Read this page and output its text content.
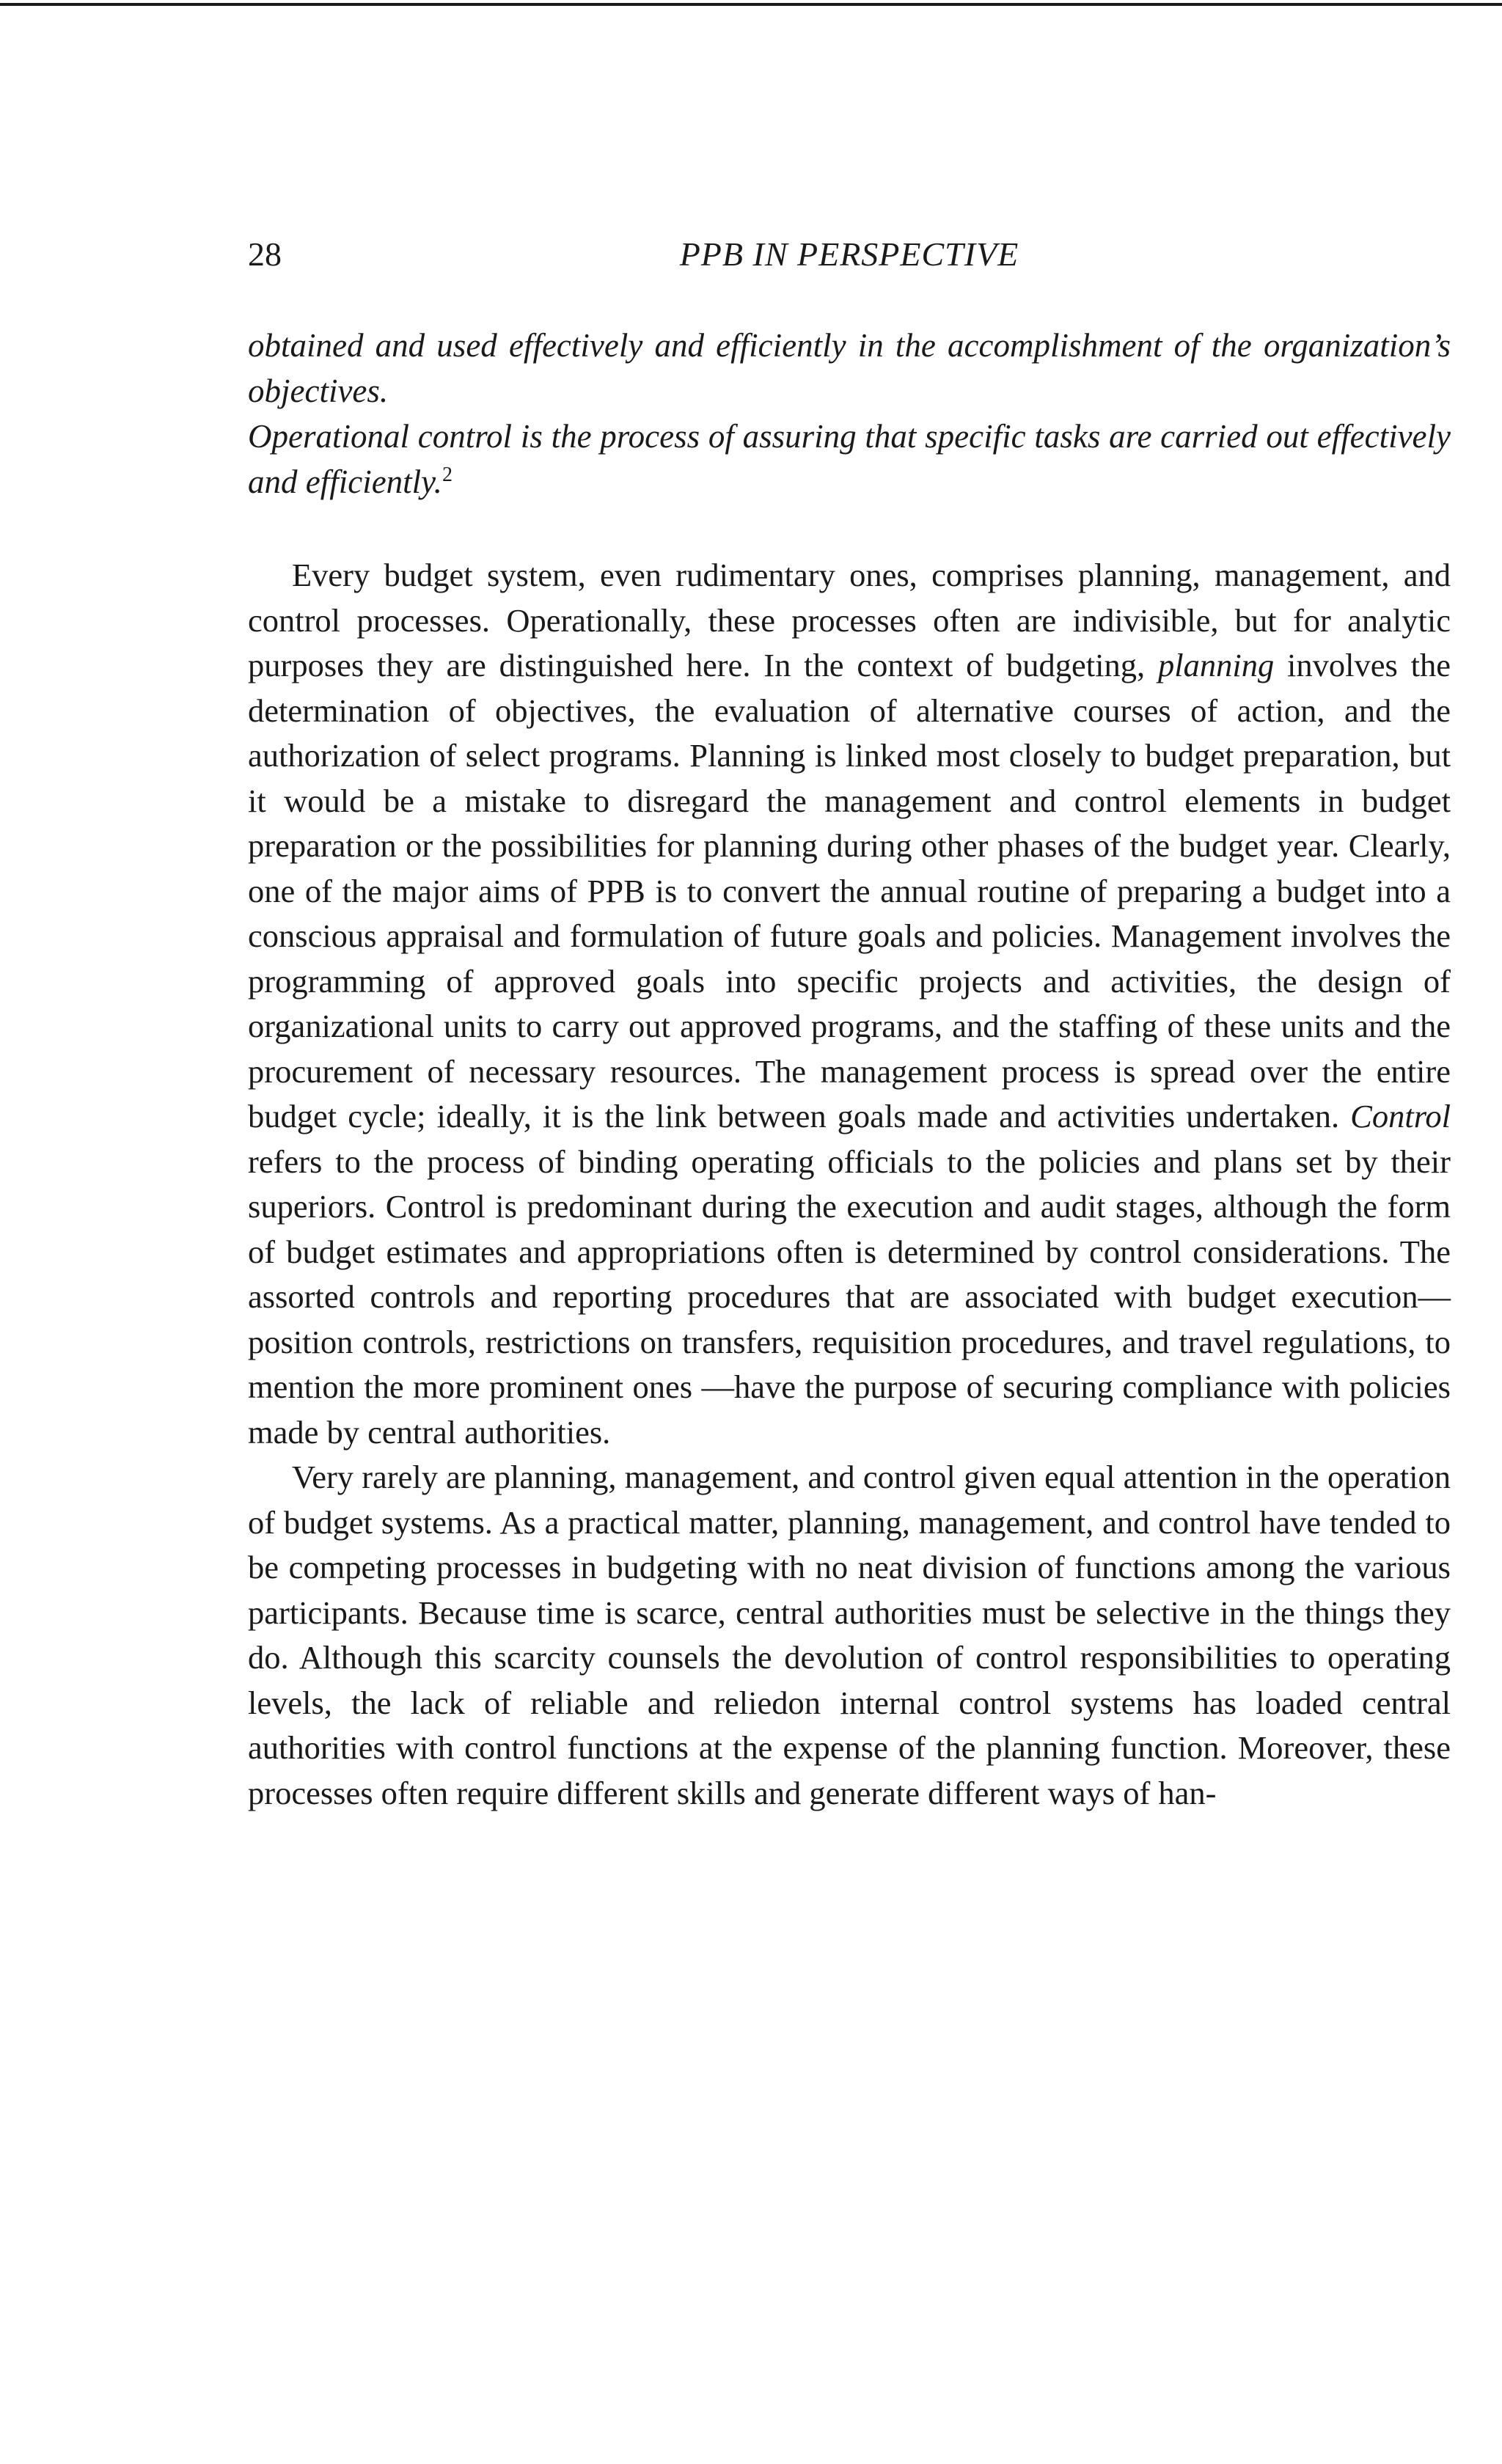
28	PPB IN PERSPECTIVE

obtained and used effectively and efficiently in the accomplishment of the organization’s objectives.

Operational control is the process of assuring that specific tasks are carried out effectively and efficiently.$^2$

Every budget system, even rudimentary ones, comprises planning, management, and control processes. Operationally, these processes often are indivisible, but for analytic purposes they are distinguished here. In the context of budgeting, planning involves the determination of objectives, the evaluation of alternative courses of action, and the authorization of select programs. Planning is linked most closely to budget preparation, but it would be a mistake to disregard the management and control elements in budget preparation or the possibilities for planning during other phases of the budget year. Clearly, one of the major aims of PPB is to convert the annual routine of preparing a budget into a conscious appraisal and formulation of future goals and policies. Management involves the programming of approved goals into specific projects and activities, the design of organizational units to carry out approved programs, and the staffing of these units and the procurement of necessary resources. The management process is spread over the entire budget cycle; ideally, it is the link between goals made and activities undertaken. Control refers to the process of binding operating officials to the policies and plans set by their superiors. Control is predominant during the execution and audit stages, although the form of budget estimates and appropriations often is determined by control considerations. The assorted controls and reporting procedures that are associated with budget execution—position controls, restrictions on transfers, requisition procedures, and travel regulations, to mention the more prominent ones —have the purpose of securing compliance with policies made by central authorities.

Very rarely are planning, management, and control given equal attention in the operation of budget systems. As a practical matter, planning, management, and control have tended to be competing processes in budgeting with no neat division of functions among the various participants. Because time is scarce, central authorities must be selective in the things they do. Although this scarcity counsels the devolution of control responsibilities to operating levels, the lack of reliable and reliedon internal control systems has loaded central authorities with control functions at the expense of the planning function. Moreover, these processes often require different skills and generate different ways of han-
